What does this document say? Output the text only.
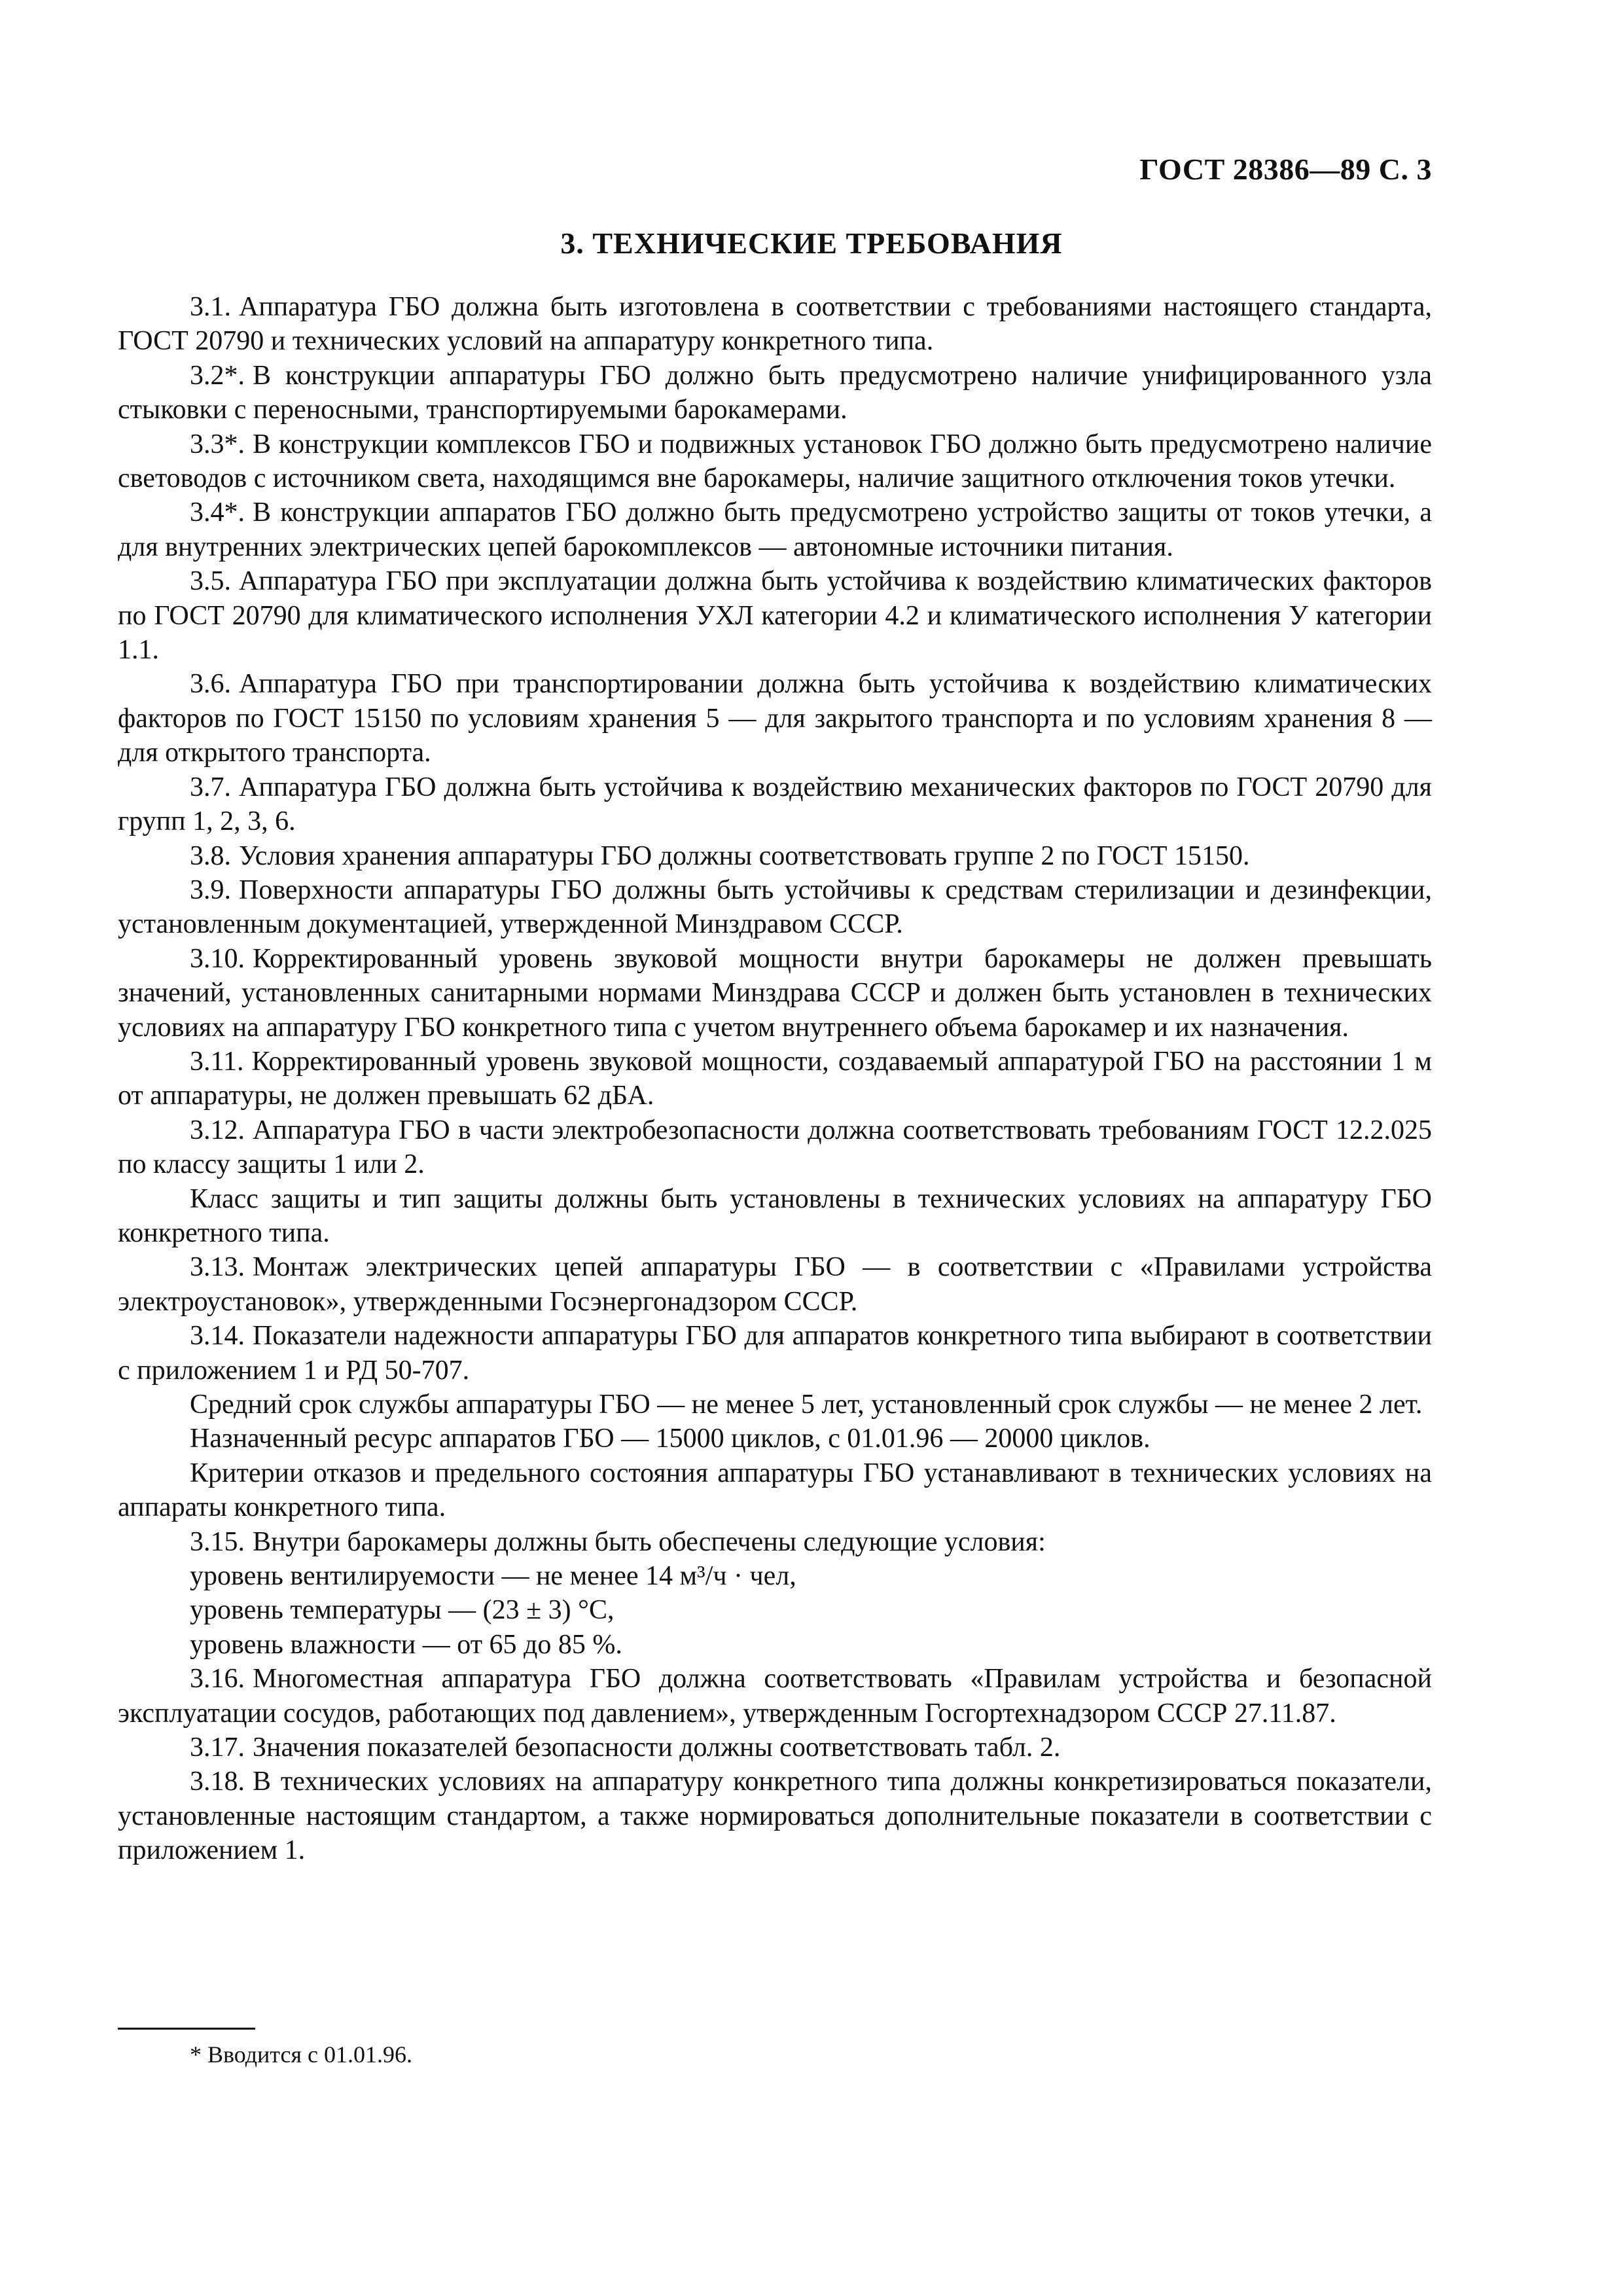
ГОСТ 28386—89 С. 3
3. ТЕХНИЧЕСКИЕ ТРЕБОВАНИЯ

3.1. Аппаратура ГБО должна быть изготовлена в соответствии с требованиями настоящего стандарта, ГОСТ 20790 и технических условий на аппаратуру конкретного типа.

3.2*. В конструкции аппаратуры ГБО должно быть предусмотрено наличие унифицированного узла стыковки с переносными, транспортируемыми барокамерами.

3.3*. В конструкции комплексов ГБО и подвижных установок ГБО должно быть предусмотрено наличие световодов с источником света, находящимся вне барокамеры, наличие защитного отключения токов утечки.

3.4*. В конструкции аппаратов ГБО должно быть предусмотрено устройство защиты от токов утечки, а для внутренних электрических цепей барокомплексов — автономные источники питания.

3.5. Аппаратура ГБО при эксплуатации должна быть устойчива к воздействию климатических факторов по ГОСТ 20790 для климатического исполнения УХЛ категории 4.2 и климатического исполнения У категории 1.1.

3.6. Аппаратура ГБО при транспортировании должна быть устойчива к воздействию климатических факторов по ГОСТ 15150 по условиям хранения 5 — для закрытого транспорта и по условиям хранения 8 — для открытого транспорта.

3.7. Аппаратура ГБО должна быть устойчива к воздействию механических факторов по ГОСТ 20790 для групп 1, 2, 3, 6.

3.8. Условия хранения аппаратуры ГБО должны соответствовать группе 2 по ГОСТ 15150.

3.9. Поверхности аппаратуры ГБО должны быть устойчивы к средствам стерилизации и дезинфекции, установленным документацией, утвержденной Минздравом СССР.

3.10. Корректированный уровень звуковой мощности внутри барокамеры не должен превышать значений, установленных санитарными нормами Минздрава СССР и должен быть установлен в технических условиях на аппаратуру ГБО конкретного типа с учетом внутреннего объема барокамер и их назначения.

3.11. Корректированный уровень звуковой мощности, создаваемый аппаратурой ГБО на расстоянии 1 м от аппаратуры, не должен превышать 62 дБА.

3.12. Аппаратура ГБО в части электробезопасности должна соответствовать требованиям ГОСТ 12.2.025 по классу защиты 1 или 2.

Класс защиты и тип защиты должны быть установлены в технических условиях на аппаратуру ГБО конкретного типа.

3.13. Монтаж электрических цепей аппаратуры ГБО — в соответствии с «Правилами устройства электроустановок», утвержденными Госэнергонадзором СССР.

3.14. Показатели надежности аппаратуры ГБО для аппаратов конкретного типа выбирают в соответствии с приложением 1 и РД 50-707.

Средний срок службы аппаратуры ГБО — не менее 5 лет, установленный срок службы — не менее 2 лет.

Назначенный ресурс аппаратов ГБО — 15000 циклов, с 01.01.96 — 20000 циклов.

Критерии отказов и предельного состояния аппаратуры ГБО устанавливают в технических условиях на аппараты конкретного типа.

3.15. Внутри барокамеры должны быть обеспечены следующие условия:

уровень вентилируемости — не менее 14 м³/ч · чел,

уровень температуры — (23 ± 3) °С,

уровень влажности — от 65 до 85 %.

3.16. Многоместная аппаратура ГБО должна соответствовать «Правилам устройства и безопасной эксплуатации сосудов, работающих под давлением», утвержденным Госгортехнадзором СССР 27.11.87.

3.17. Значения показателей безопасности должны соответствовать табл. 2.

3.18. В технических условиях на аппаратуру конкретного типа должны конкретизироваться показатели, установленные настоящим стандартом, а также нормироваться дополнительные показатели в соответствии с приложением 1.

* Вводится с 01.01.96.
